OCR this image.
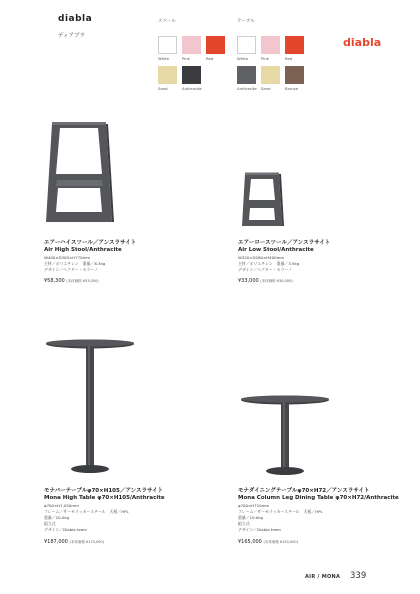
diabla
ディアブラ
スツール	テーブル
White	Pink	Red
Sand	Anthracite
White	Pink	Red
Anthracite Sand	Bronze
diabla
エアーハイスツール／アンスラサイト
Air High Stool/Anthracite
W400×D300×H770mm
主材／ポリエチレン　重量／8.3kg
デザイン／ヘクター・セラーノ
¥58,300 (本体価格 ¥53,000)
エアーロースツール／アンスラサイト
Air Low Stool/Anthracite
W320×D260×H400mm
主材／ポリエチレン　重量／3.5kg
デザイン／ヘクター・セラーノ
¥33,000 (本体価格 ¥30,000)
モナバーテーブルφ70×H105／アンスラサイト
Mona High Table φ70×H105/Anthracite
φ700×H1,050mm
フレーム／サーモラッカースチール　天板／HPL
重量／20.0kg
組立式
デザイン／Diabla team
¥187,000 (本体価格 ¥170,000)
モナダイニングテーブルφ70×H72／アンスラサイト
Mona Column Leg Dining Table φ70×H72/Anthracite
φ700×H720mm
フレーム／サーモラッカースチール　天板／HPL
重量／19.0kg
組立式
デザイン／Diabla team
¥165,000 (本体価格 ¥150,000)
AIR / MONA 339
